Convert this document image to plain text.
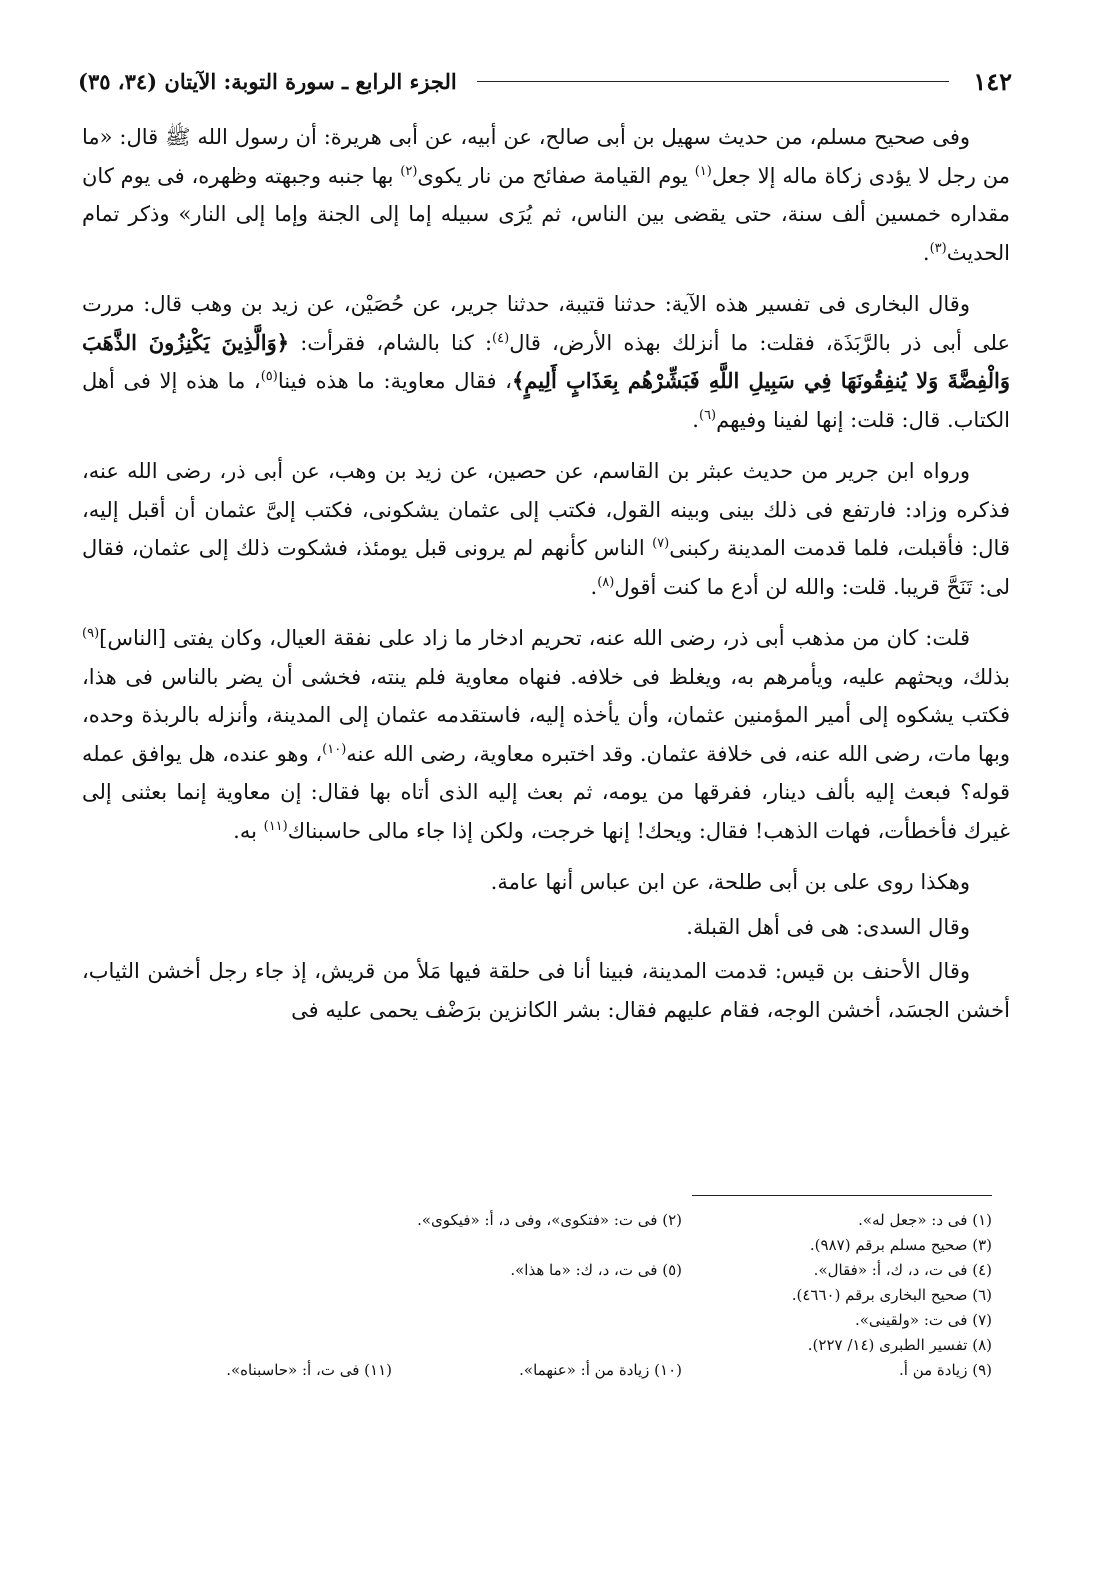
١٤٢
الجزء الرابع ـ سورة التوبة: الآيتان (٣٤، ٣٥)

وفى صحيح مسلم، من حديث سهيل بن أبى صالح، عن أبيه، عن أبى هريرة: أن رسول الله ﷺ قال: «ما من رجل لا يؤدى زكاة ماله إلا جعل$^{(١)}$ يوم القيامة صفائح من نار يكوى$^{(٢)}$ بها جنبه وجبهته وظهره، فى يوم كان مقداره خمسين ألف سنة، حتى يقضى بين الناس، ثم يُرَى سبيله إما إلى الجنة وإما إلى النار» وذكر تمام الحديث$^{(٣)}$.

وقال البخارى فى تفسير هذه الآية: حدثنا قتيبة، حدثنا جرير، عن حُصَيْن، عن زيد بن وهب قال: مررت على أبى ذر بالرَّبَذَة، فقلت: ما أنزلك بهذه الأرض، قال$^{(٤)}$: كنا بالشام، فقرأت: ﴿وَالَّذِينَ يَكْنِزُونَ الذَّهَبَ وَالْفِضَّةَ وَلا يُنفِقُونَهَا فِي سَبِيلِ اللَّهِ فَبَشِّرْهُم بِعَذَابٍ أَلِيمٍ﴾، فقال معاوية: ما هذه فينا$^{(٥)}$، ما هذه إلا فى أهل الكتاب. قال: قلت: إنها لفينا وفيهم$^{(٦)}$.

ورواه ابن جرير من حديث عبثر بن القاسم، عن حصين، عن زيد بن وهب، عن أبى ذر، رضى الله عنه، فذكره وزاد: فارتفع فى ذلك بينى وبينه القول، فكتب إلى عثمان يشكونى، فكتب إلىَّ عثمان أن أقبل إليه، قال: فأقبلت، فلما قدمت المدينة ركبنى$^{(٧)}$ الناس كأنهم لم يرونى قبل يومئذ، فشكوت ذلك إلى عثمان، فقال لى: تَنَحَّ قريبا. قلت: والله لن أدع ما كنت أقول$^{(٨)}$.

قلت: كان من مذهب أبى ذر، رضى الله عنه، تحريم ادخار ما زاد على نفقة العيال، وكان يفتى [الناس]$^{(٩)}$ بذلك، ويحثهم عليه، ويأمرهم به، ويغلظ فى خلافه. فنهاه معاوية فلم ينته، فخشى أن يضر بالناس فى هذا، فكتب يشكوه إلى أمير المؤمنين عثمان، وأن يأخذه إليه، فاستقدمه عثمان إلى المدينة، وأنزله بالربذة وحده، وبها مات، رضى الله عنه، فى خلافة عثمان. وقد اختبره معاوية، رضى الله عنه$^{(١٠)}$، وهو عنده، هل يوافق عمله قوله؟ فبعث إليه بألف دينار، ففرقها من يومه، ثم بعث إليه الذى أتاه بها فقال: إن معاوية إنما بعثنى إلى غيرك فأخطأت، فهات الذهب! فقال: ويحك! إنها خرجت، ولكن إذا جاء مالى حاسبناك$^{(١١)}$ به.

وهكذا روى على بن أبى طلحة، عن ابن عباس أنها عامة.

وقال السدى: هى فى أهل القبلة.

وقال الأحنف بن قيس: قدمت المدينة، فبينا أنا فى حلقة فيها مَلأ من قريش، إذ جاء رجل أخشن الثياب، أخشن الجسَد، أخشن الوجه، فقام عليهم فقال: بشر الكانزين برَضْف يحمى عليه فى

(١) فى د: «جعل له».
(٢) فى ت: «فتكوى»، وفى د، أ: «فيكوى».
(٣) صحيح مسلم برقم (٩٨٧).
(٤) فى ت، د، ك، أ: «فقال».
(٥) فى ت، د، ك: «ما هذا».
(٦) صحيح البخارى برقم (٤٦٦٠).
(٧) فى ت: «ولقينى».
(٨) تفسير الطبرى (١٤/ ٢٢٧).
(٩) زيادة من أ.
(١٠) زيادة من أ: «عنهما».
(١١) فى ت، أ: «حاسبناه».
